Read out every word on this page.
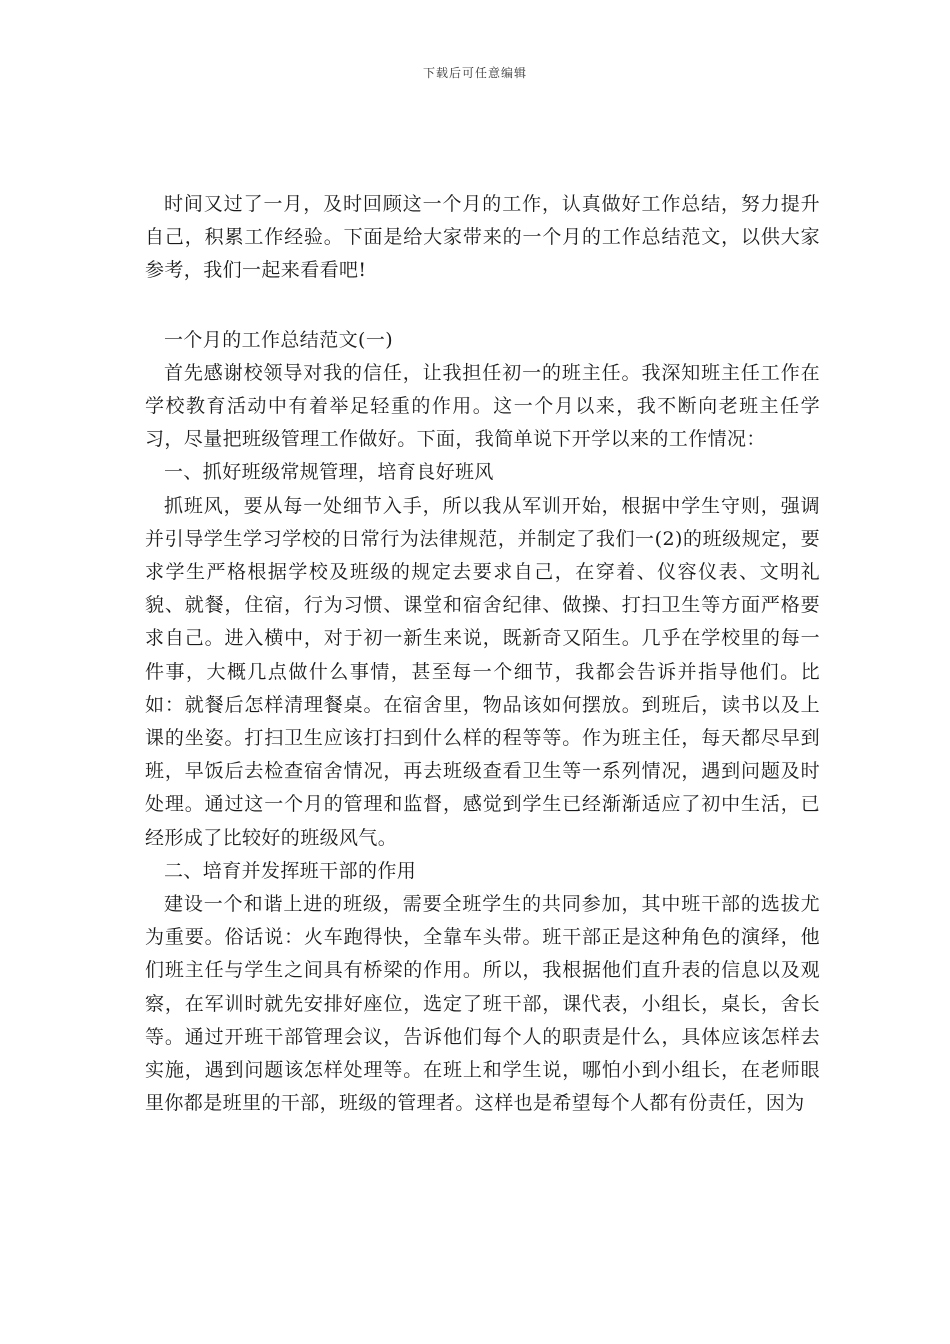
下载后可任意编辑

时间又过了一月，及时回顾这一个月的工作，认真做好工作总结，努力提升自己，积累工作经验。下面是给大家带来的一个月的工作总结范文，以供大家参考，我们一起来看看吧!

一个月的工作总结范文(一)

首先感谢校领导对我的信任，让我担任初一的班主任。我深知班主任工作在学校教育活动中有着举足轻重的作用。这一个月以来，我不断向老班主任学习，尽量把班级管理工作做好。下面，我简单说下开学以来的工作情况：

一、抓好班级常规管理，培育良好班风

抓班风，要从每一处细节入手，所以我从军训开始，根据中学生守则，强调并引导学生学习学校的日常行为法律规范，并制定了我们一(2)的班级规定，要求学生严格根据学校及班级的规定去要求自己，在穿着、仪容仪表、文明礼貌、就餐，住宿，行为习惯、课堂和宿舍纪律、做操、打扫卫生等方面严格要求自己。进入横中，对于初一新生来说，既新奇又陌生。几乎在学校里的每一件事，大概几点做什么事情，甚至每一个细节，我都会告诉并指导他们。比如：就餐后怎样清理餐桌。在宿舍里，物品该如何摆放。到班后，读书以及上课的坐姿。打扫卫生应该打扫到什么样的程等等。作为班主任，每天都尽早到班，早饭后去检查宿舍情况，再去班级查看卫生等一系列情况，遇到问题及时处理。通过这一个月的管理和监督，感觉到学生已经渐渐适应了初中生活，已经形成了比较好的班级风气。

二、培育并发挥班干部的作用

建设一个和谐上进的班级，需要全班学生的共同参加，其中班干部的选拔尤为重要。俗话说：火车跑得快，全靠车头带。班干部正是这种角色的演绎，他们班主任与学生之间具有桥梁的作用。所以，我根据他们直升表的信息以及观察，在军训时就先安排好座位，选定了班干部，课代表，小组长，桌长，舍长等。通过开班干部管理会议，告诉他们每个人的职责是什么，具体应该怎样去实施，遇到问题该怎样处理等。在班上和学生说，哪怕小到小组长，在老师眼里你都是班里的干部，班级的管理者。这样也是希望每个人都有份责任，因为
